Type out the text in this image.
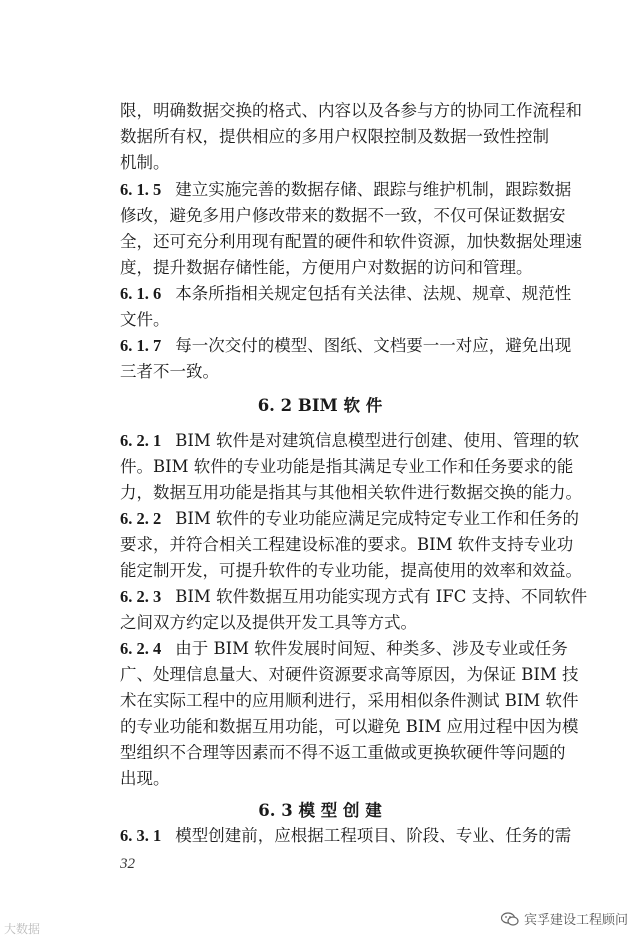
限，明确数据交换的格式、内容以及各参与方的协同工作流程和
数据所有权，提供相应的多用户权限控制及数据一致性控制
机制。
6. 1. 5 建立实施完善的数据存储、跟踪与维护机制，跟踪数据
修改，避免多用户修改带来的数据不一致，不仅可保证数据安
全，还可充分利用现有配置的硬件和软件资源，加快数据处理速
度，提升数据存储性能，方便用户对数据的访问和管理。
6. 1. 6 本条所指相关规定包括有关法律、法规、规章、规范性
文件。
6. 1. 7 每一次交付的模型、图纸、文档要一一对应，避免出现
三者不一致。
6. 2 BIM 软 件
6. 2. 1 BIM 软件是对建筑信息模型进行创建、使用、管理的软
件。BIM 软件的专业功能是指其满足专业工作和任务要求的能
力，数据互用功能是指其与其他相关软件进行数据交换的能力。
6. 2. 2 BIM 软件的专业功能应满足完成特定专业工作和任务的
要求，并符合相关工程建设标准的要求。BIM 软件支持专业功
能定制开发，可提升软件的专业功能，提高使用的效率和效益。
6. 2. 3 BIM 软件数据互用功能实现方式有 IFC 支持、不同软件
之间双方约定以及提供开发工具等方式。
6. 2. 4 由于 BIM 软件发展时间短、种类多、涉及专业或任务
广、处理信息量大、对硬件资源要求高等原因，为保证 BIM 技
术在实际工程中的应用顺利进行，采用相似条件测试 BIM 软件
的专业功能和数据互用功能，可以避免 BIM 应用过程中因为模
型组织不合理等因素而不得不返工重做或更换软硬件等问题的
出现。
6. 3 模 型 创 建
6. 3. 1 模型创建前，应根据工程项目、阶段、专业、任务的需
32
大数据
宾孚建设工程顾问
